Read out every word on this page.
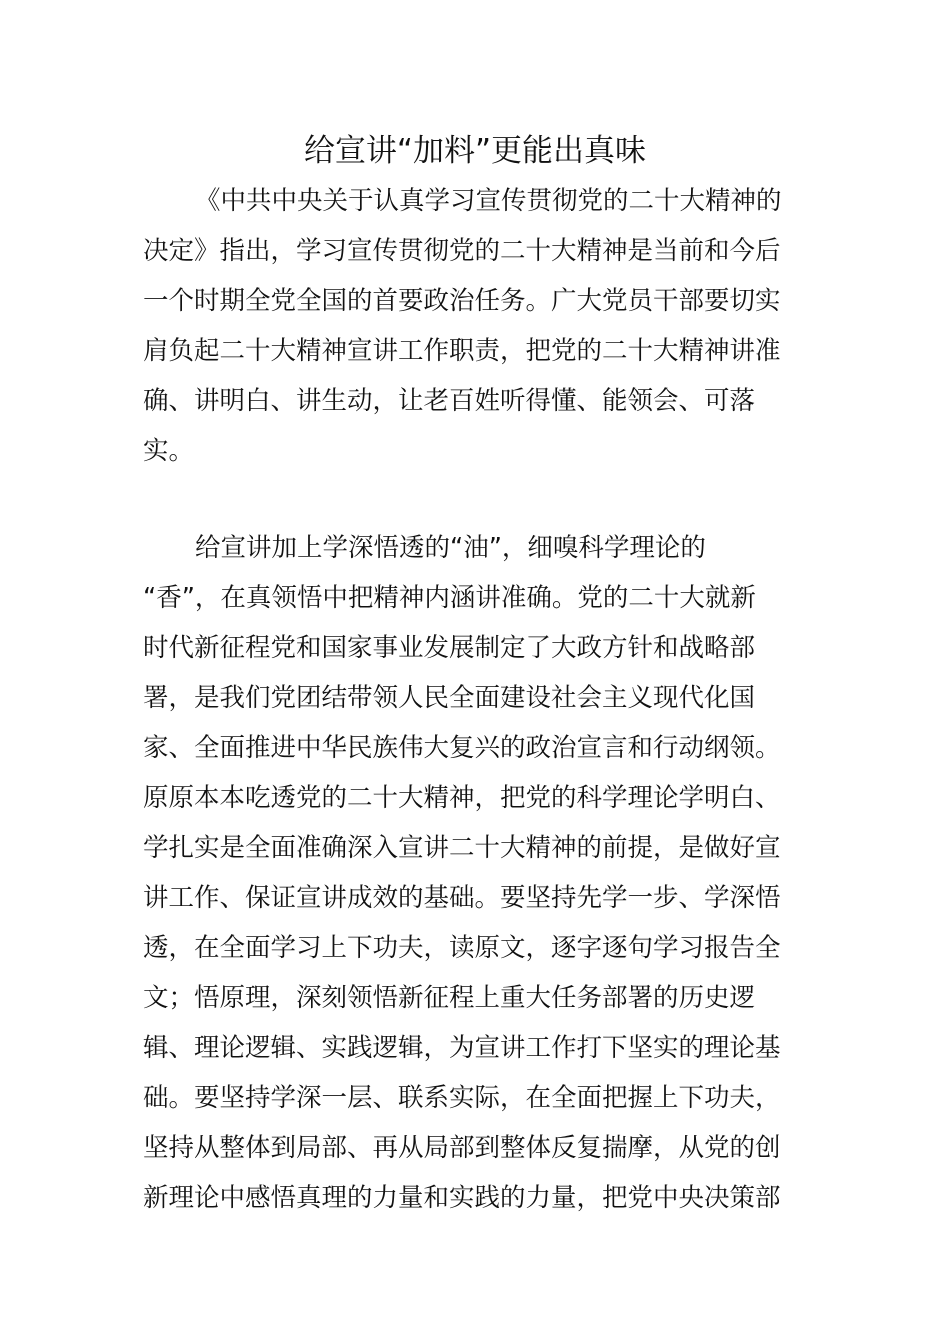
给宣讲“加料”更能出真味
《中共中央关于认真学习宣传贯彻党的二十大精神的
决定》指出，学习宣传贯彻党的二十大精神是当前和今后
一个时期全党全国的首要政治任务。广大党员干部要切实
肩负起二十大精神宣讲工作职责，把党的二十大精神讲准
确、讲明白、讲生动，让老百姓听得懂、能领会、可落
实。
给宣讲加上学深悟透的“油”，细嗅科学理论的
“香”，在真领悟中把精神内涵讲准确。党的二十大就新
时代新征程党和国家事业发展制定了大政方针和战略部
署，是我们党团结带领人民全面建设社会主义现代化国
家、全面推进中华民族伟大复兴的政治宣言和行动纲领。
原原本本吃透党的二十大精神，把党的科学理论学明白、
学扎实是全面准确深入宣讲二十大精神的前提，是做好宣
讲工作、保证宣讲成效的基础。要坚持先学一步、学深悟
透，在全面学习上下功夫，读原文，逐字逐句学习报告全
文；悟原理，深刻领悟新征程上重大任务部署的历史逻
辑、理论逻辑、实践逻辑，为宣讲工作打下坚实的理论基
础。要坚持学深一层、联系实际，在全面把握上下功夫，
坚持从整体到局部、再从局部到整体反复揣摩，从党的创
新理论中感悟真理的力量和实践的力量，把党中央决策部
